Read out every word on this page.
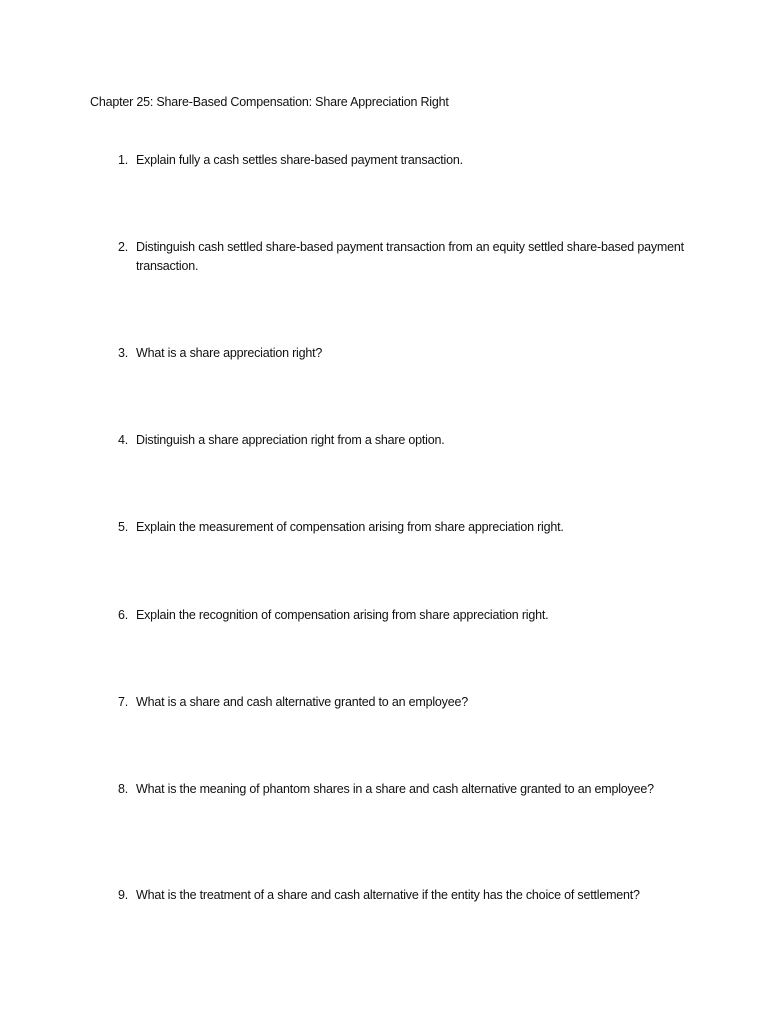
Chapter 25: Share-Based Compensation: Share Appreciation Right
1. Explain fully a cash settles share-based payment transaction.
2. Distinguish cash settled share-based payment transaction from an equity settled share-based payment transaction.
3. What is a share appreciation right?
4. Distinguish a share appreciation right from a share option.
5. Explain the measurement of compensation arising from share appreciation right.
6. Explain the recognition of compensation arising from share appreciation right.
7. What is a share and cash alternative granted to an employee?
8. What is the meaning of phantom shares in a share and cash alternative granted to an employee?
9. What is the treatment of a share and cash alternative if the entity has the choice of settlement?
